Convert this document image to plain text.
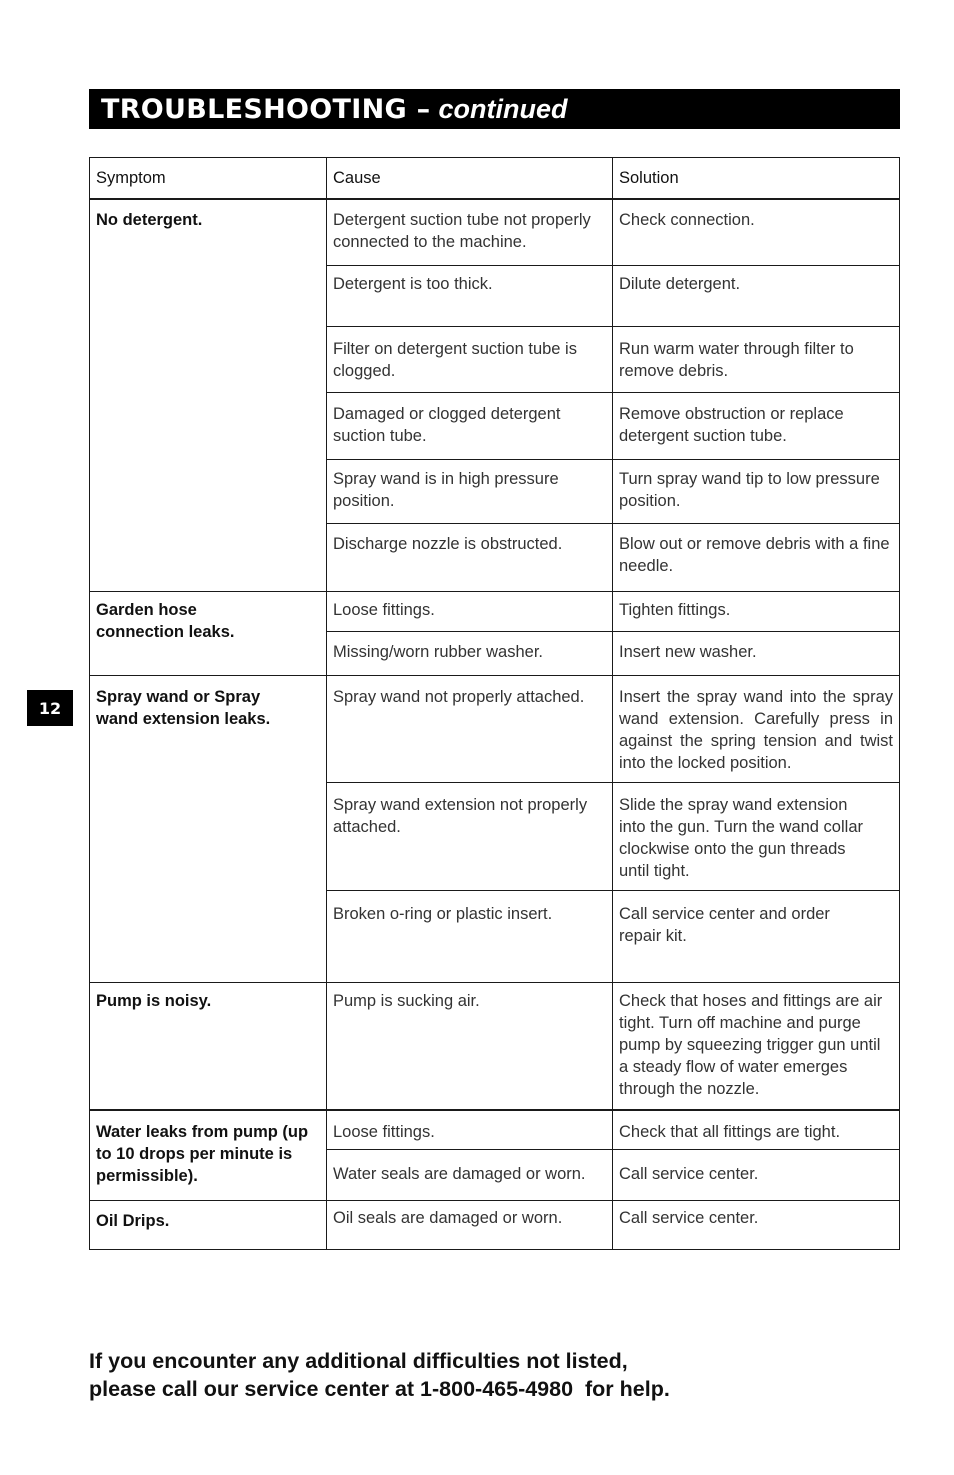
TROUBLESHOOTING – continued
12
Symptom	Cause	Solution
No detergent.	Detergent suction tube not properly connected to the machine.	Check connection.
	Detergent is too thick.	Dilute detergent.
	Filter on detergent suction tube is clogged.	Run warm water through filter to remove debris.
	Damaged or clogged detergent suction tube.	Remove obstruction or replace detergent suction tube.
	Spray wand is in high pressure position.	Turn spray wand tip to low pressure position.
	Discharge nozzle is obstructed.	Blow out or remove debris with a fine needle.
Garden hose connection leaks.	Loose fittings.	Tighten fittings.
	Missing/worn rubber washer.	Insert new washer.
Spray wand or Spray wand extension leaks.	Spray wand not properly attached.	Insert the spray wand into the spray wand extension. Carefully press in against the spring tension and twist into the locked position.
	Spray wand extension not properly attached.	Slide the spray wand extension into the gun. Turn the wand collar clockwise onto the gun threads until tight.
	Broken o-ring or plastic insert.	Call service center and order repair kit.
Pump is noisy.	Pump is sucking air.	Check that hoses and fittings are air tight. Turn off machine and purge pump by squeezing trigger gun until a steady flow of water emerges through the nozzle.
Water leaks from pump (up to 10 drops per minute is permissible).	Loose fittings.	Check that all fittings are tight.
	Water seals are damaged or worn.	Call service center.
Oil Drips.	Oil seals are damaged or worn.	Call service center.
If you encounter any additional difficulties not listed,
please call our service center at 1-800-465-4980  for help.
